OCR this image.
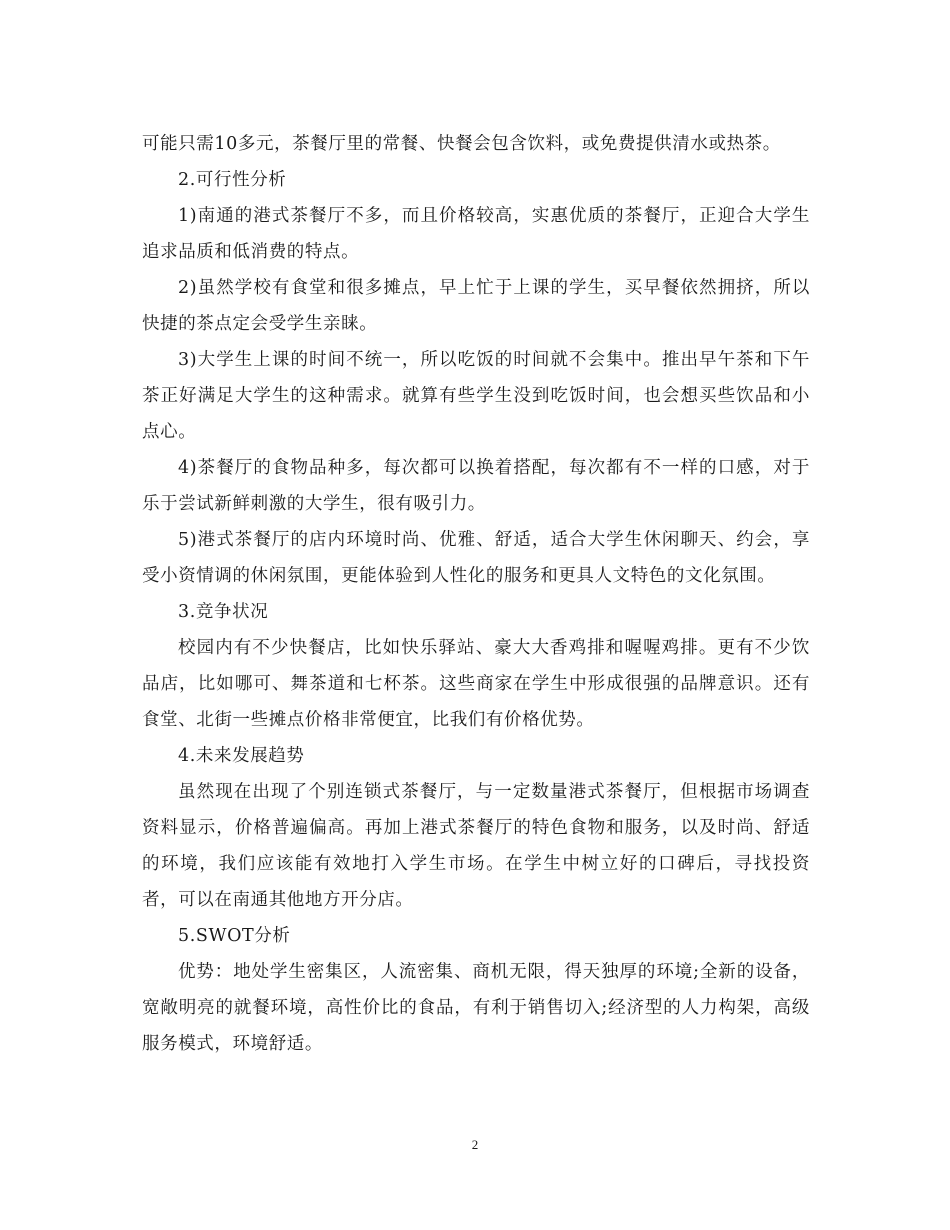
可能只需10多元，茶餐厅里的常餐、快餐会包含饮料，或免费提供清水或热茶。

2.可行性分析

1)南通的港式茶餐厅不多，而且价格较高，实惠优质的茶餐厅，正迎合大学生追求品质和低消费的特点。

2)虽然学校有食堂和很多摊点，早上忙于上课的学生，买早餐依然拥挤，所以快捷的茶点定会受学生亲睐。

3)大学生上课的时间不统一，所以吃饭的时间就不会集中。推出早午茶和下午茶正好满足大学生的这种需求。就算有些学生没到吃饭时间，也会想买些饮品和小点心。

4)茶餐厅的食物品种多，每次都可以换着搭配，每次都有不一样的口感，对于乐于尝试新鲜刺激的大学生，很有吸引力。

5)港式茶餐厅的店内环境时尚、优雅、舒适，适合大学生休闲聊天、约会，享受小资情调的休闲氛围，更能体验到人性化的服务和更具人文特色的文化氛围。

3.竞争状况

校园内有不少快餐店，比如快乐驿站、豪大大香鸡排和喔喔鸡排。更有不少饮品店，比如哪可、舞茶道和七杯茶。这些商家在学生中形成很强的品牌意识。还有食堂、北街一些摊点价格非常便宜，比我们有价格优势。

4.未来发展趋势

虽然现在出现了个别连锁式茶餐厅，与一定数量港式茶餐厅，但根据市场调查资料显示，价格普遍偏高。再加上港式茶餐厅的特色食物和服务，以及时尚、舒适的环境，我们应该能有效地打入学生市场。在学生中树立好的口碑后，寻找投资者，可以在南通其他地方开分店。

5.SWOT分析

优势：地处学生密集区，人流密集、商机无限，得天独厚的环境;全新的设备，宽敞明亮的就餐环境，高性价比的食品，有利于销售切入;经济型的人力构架，高级服务模式，环境舒适。

2
